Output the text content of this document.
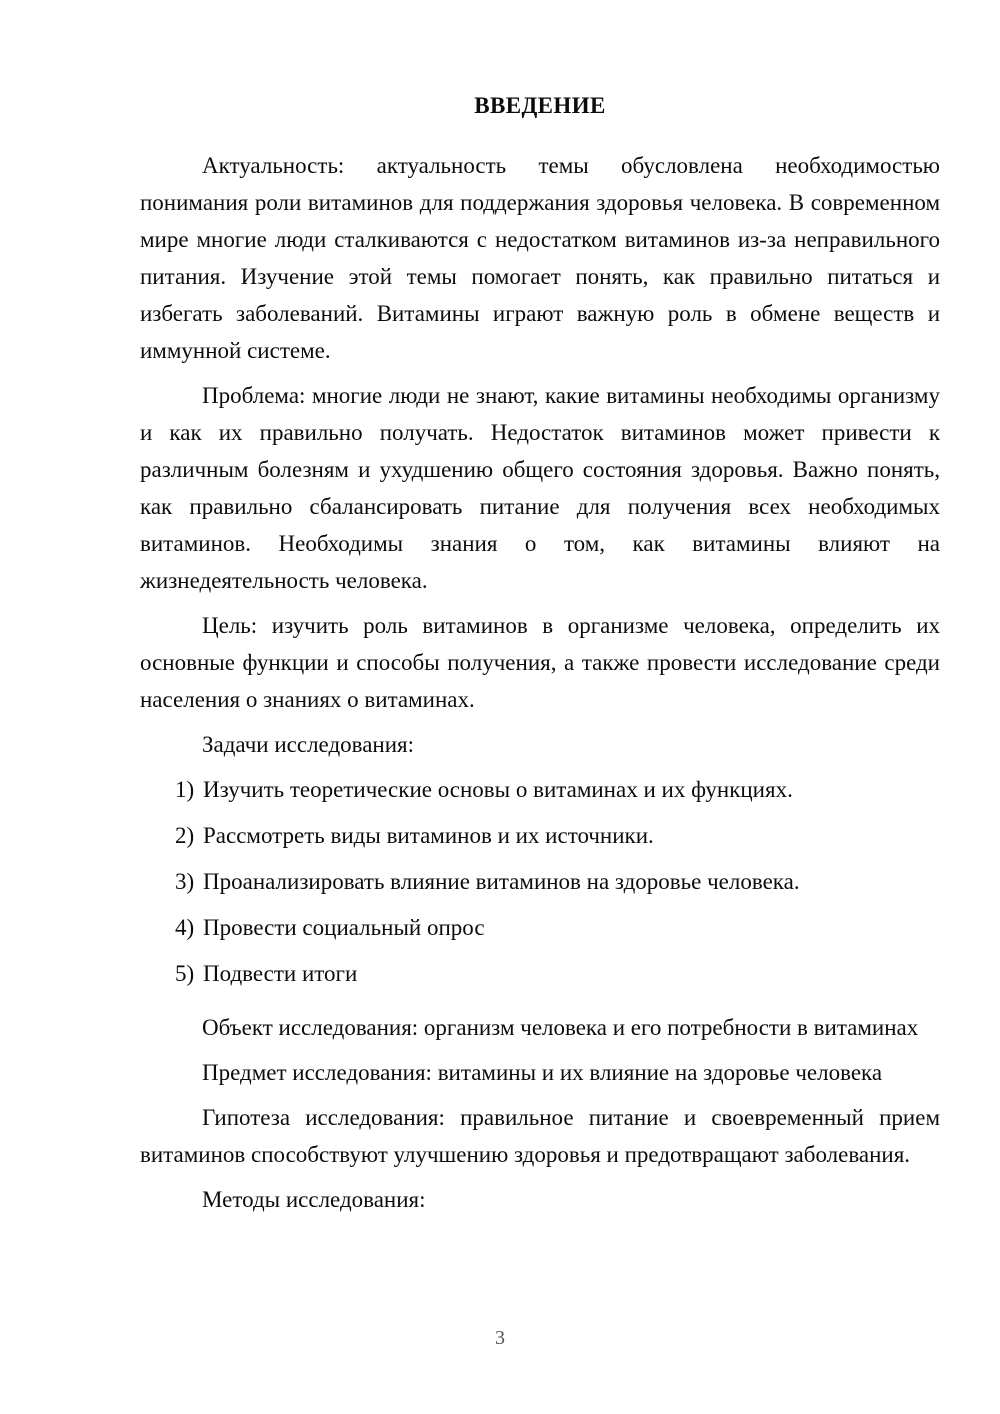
ВВЕДЕНИЕ

Актуальность: актуальность темы обусловлена необходимостью понимания роли витаминов для поддержания здоровья человека. В современном мире многие люди сталкиваются с недостатком витаминов из-за неправильного питания. Изучение этой темы помогает понять, как правильно питаться и избегать заболеваний. Витамины играют важную роль в обмене веществ и иммунной системе.

Проблема: многие люди не знают, какие витамины необходимы организму и как их правильно получать. Недостаток витаминов может привести к различным болезням и ухудшению общего состояния здоровья. Важно понять, как правильно сбалансировать питание для получения всех необходимых витаминов. Необходимы знания о том, как витамины влияют на жизнедеятельность человека.

Цель: изучить роль витаминов в организме человека, определить их основные функции и способы получения, а также провести исследование среди населения о знаниях о витаминах.

Задачи исследования:

1) Изучить теоретические основы о витаминах и их функциях.
2) Рассмотреть виды витаминов и их источники.
3) Проанализировать влияние витаминов на здоровье человека.
4) Провести социальный опрос
5) Подвести итоги

Объект исследования: организм человека и его потребности в витаминах

Предмет исследования: витамины и их влияние на здоровье человека

Гипотеза исследования: правильное питание и своевременный прием витаминов способствуют улучшению здоровья и предотвращают заболевания.

Методы исследования:

3
